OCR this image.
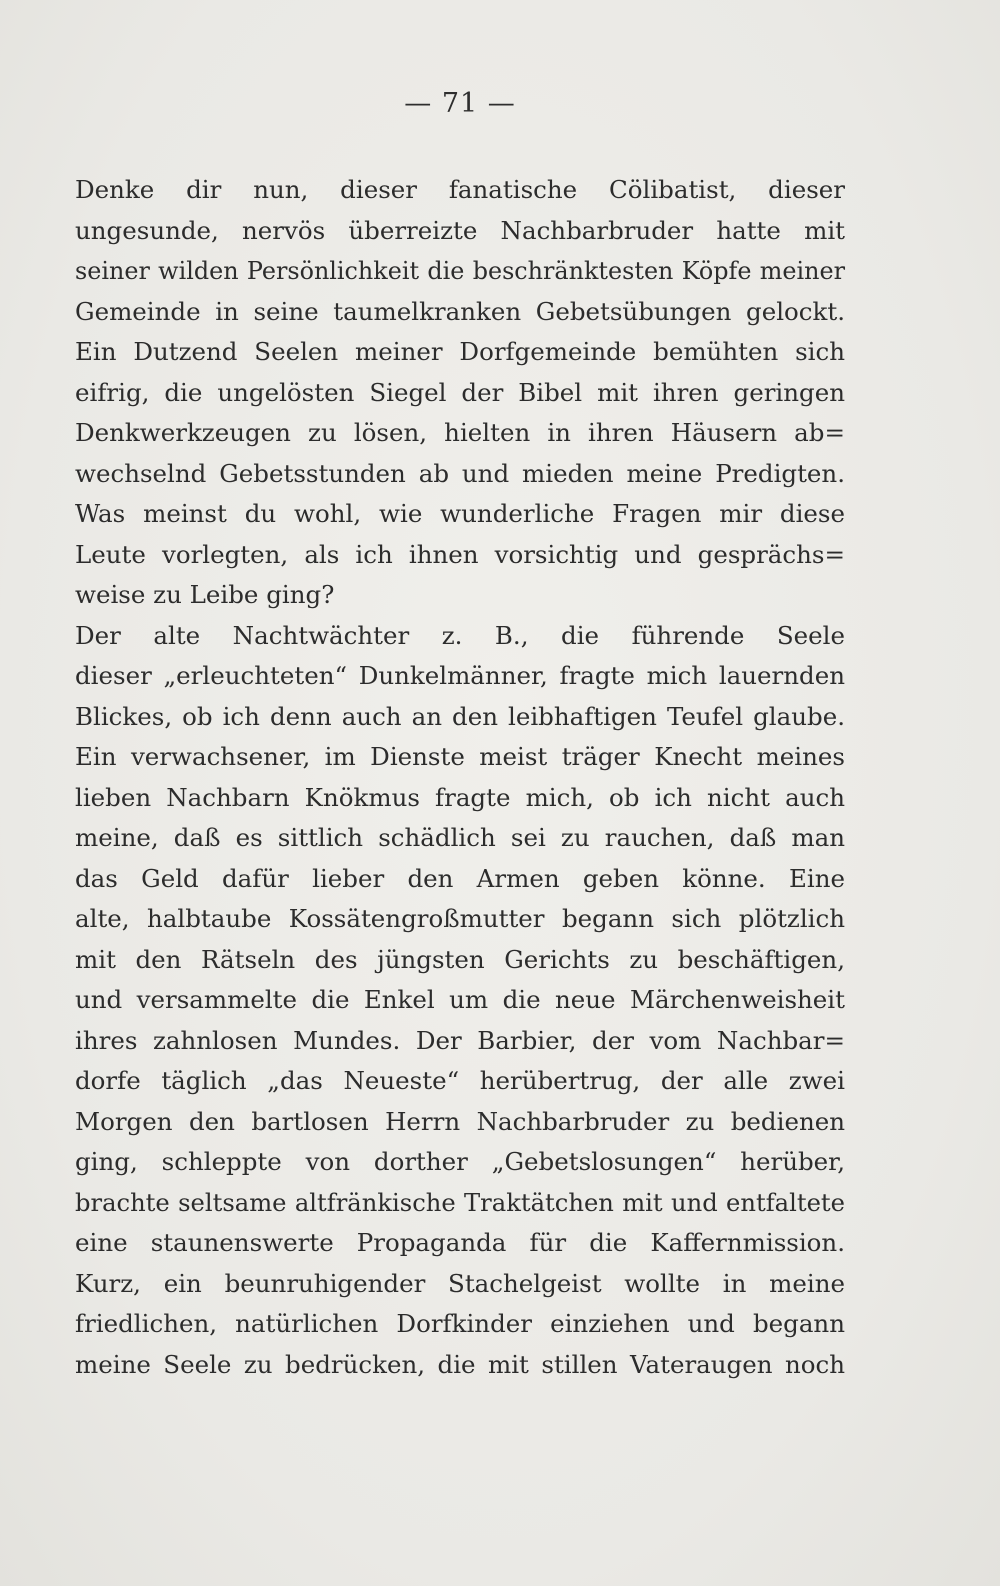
— 71 —
Denke dir nun, dieser fanatische Cölibatist, dieser
ungesunde, nervös überreizte Nachbarbruder hatte mit
seiner wilden Persönlichkeit die beschränktesten Köpfe meiner
Gemeinde in seine taumelkranken Gebetsübungen gelockt.
Ein Dutzend Seelen meiner Dorfgemeinde bemühten sich
eifrig, die ungelösten Siegel der Bibel mit ihren geringen
Denkwerkzeugen zu lösen, hielten in ihren Häusern ab=
wechselnd Gebetsstunden ab und mieden meine Predigten.
Was meinst du wohl, wie wunderliche Fragen mir diese
Leute vorlegten, als ich ihnen vorsichtig und gesprächs=
weise zu Leibe ging?
Der alte Nachtwächter z. B., die führende Seele
dieser „erleuchteten“ Dunkelmänner, fragte mich lauernden
Blickes, ob ich denn auch an den leibhaftigen Teufel glaube.
Ein verwachsener, im Dienste meist träger Knecht meines
lieben Nachbarn Knökmus fragte mich, ob ich nicht auch
meine, daß es sittlich schädlich sei zu rauchen, daß man
das Geld dafür lieber den Armen geben könne. Eine
alte, halbtaube Kossätengroßmutter begann sich plötzlich
mit den Rätseln des jüngsten Gerichts zu beschäftigen,
und versammelte die Enkel um die neue Märchenweisheit
ihres zahnlosen Mundes. Der Barbier, der vom Nachbar=
dorfe täglich „das Neueste“ herübertrug, der alle zwei
Morgen den bartlosen Herrn Nachbarbruder zu bedienen
ging, schleppte von dorther „Gebetslosungen“ herüber,
brachte seltsame altfränkische Traktätchen mit und entfaltete
eine staunenswerte Propaganda für die Kaffernmission.
Kurz, ein beunruhigender Stachelgeist wollte in meine
friedlichen, natürlichen Dorfkinder einziehen und begann
meine Seele zu bedrücken, die mit stillen Vateraugen noch
